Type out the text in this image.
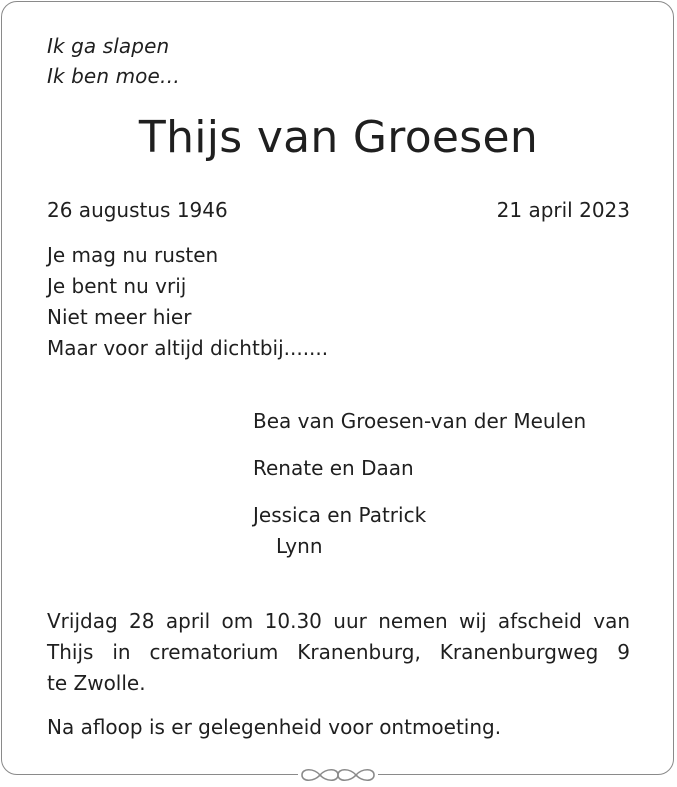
Ik ga slapen
Ik ben moe…
Thijs van Groesen
26 augustus 1946	21 april 2023
Je mag nu rusten
Je bent nu vrij
Niet meer hier
Maar voor altijd dichtbij.......
Bea van Groesen-van der Meulen
Renate en Daan
Jessica en Patrick
Lynn
Vrijdag 28 april om 10.30 uur nemen wij afscheid van
Thijs in crematorium Kranenburg, Kranenburgweg 9
te Zwolle.
Na afloop is er gelegenheid voor ontmoeting.
